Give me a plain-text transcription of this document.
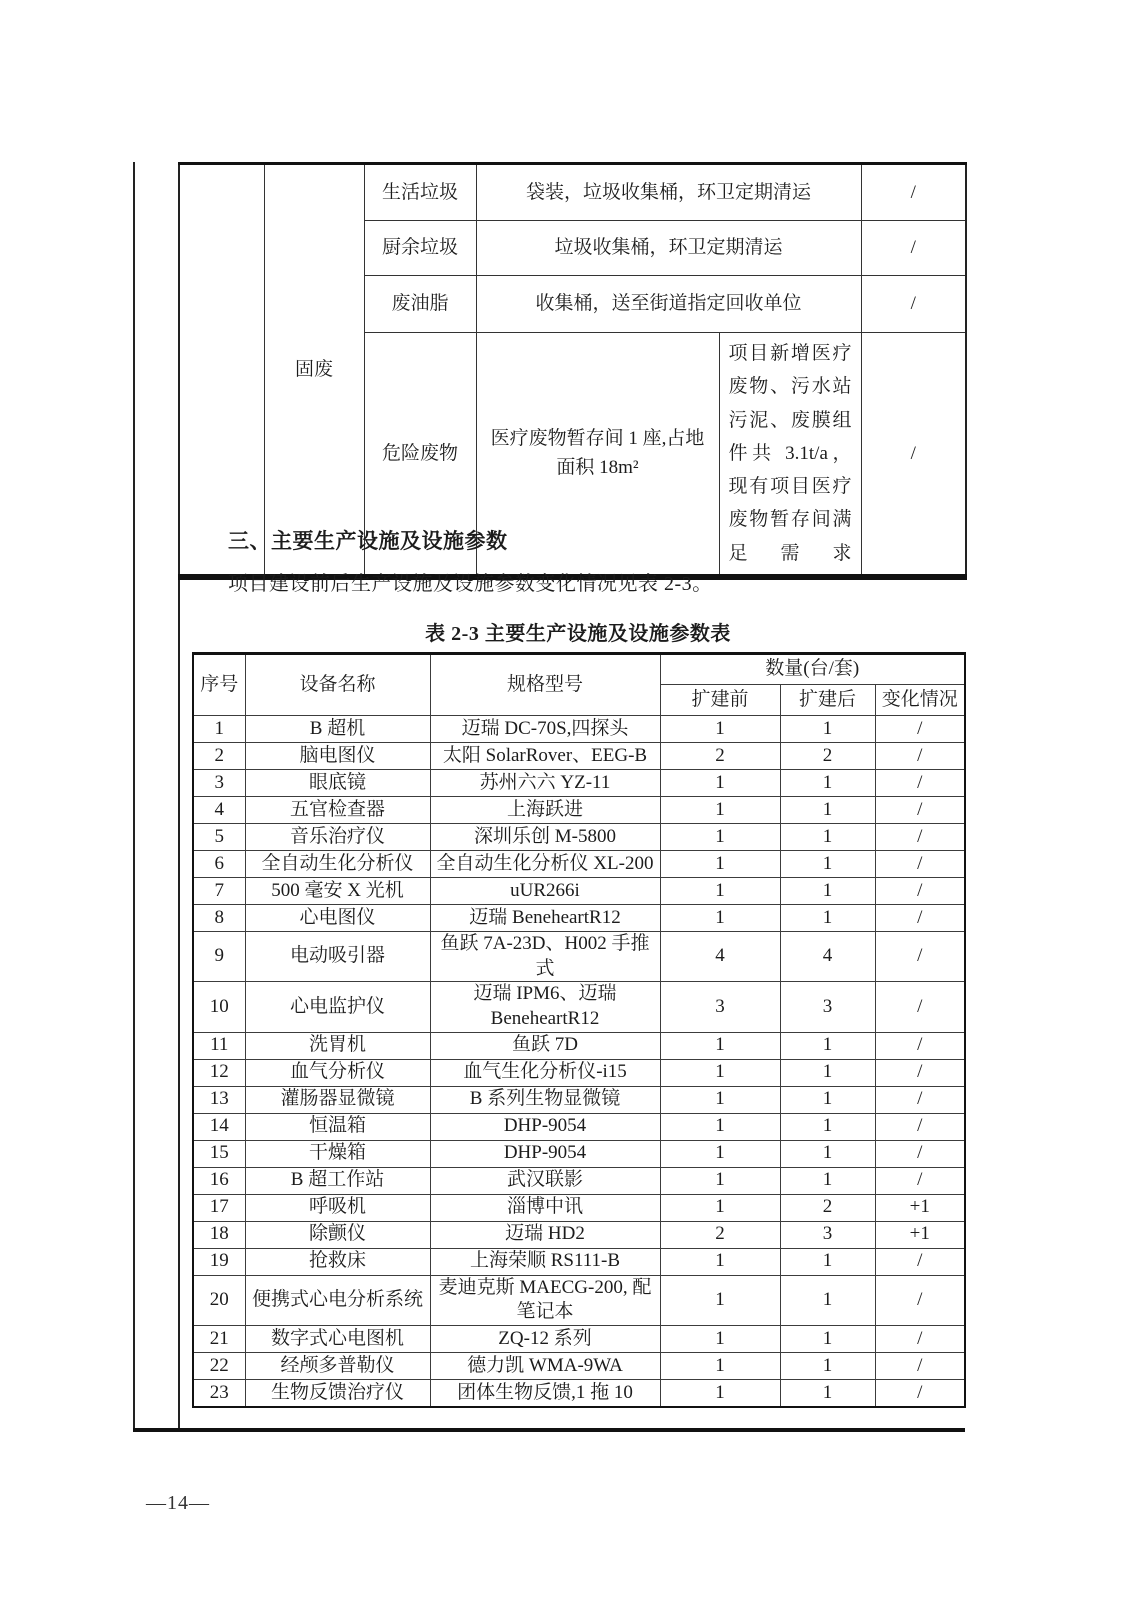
	固废	生活垃圾	袋装，垃圾收集桶，环卫定期清运		/
		厨余垃圾	垃圾收集桶，环卫定期清运		/
		废油脂	收集桶，送至街道指定回收单位		/
		危险废物	医疗废物暂存间 1 座,占地面积 18m²	项目新增医疗废物、污水站污泥、废膜组件共 3.1t/a，现有项目医疗废物暂存间满足需求	/
三、主要生产设施及设施参数
项目建设前后生产设施及设施参数变化情况见表 2-3。
表 2-3 主要生产设施及设施参数表
序号	设备名称	规格型号	数量(台/套)		
			扩建前	扩建后	变化情况
1	B 超机	迈瑞 DC-70S,四探头	1	1	/
2	脑电图仪	太阳 SolarRover、EEG-B	2	2	/
3	眼底镜	苏州六六 YZ-11	1	1	/
4	五官检查器	上海跃进	1	1	/
5	音乐治疗仪	深圳乐创 M-5800	1	1	/
6	全自动生化分析仪	全自动生化分析仪 XL-200	1	1	/
7	500 毫安 X 光机	uUR266i	1	1	/
8	心电图仪	迈瑞 BeneheartR12	1	1	/
9	电动吸引器	鱼跃 7A-23D、H002 手推式	4	4	/
10	心电监护仪	迈瑞 IPM6、迈瑞 BeneheartR12	3	3	/
11	洗胃机	鱼跃 7D	1	1	/
12	血气分析仪	血气生化分析仪-i15	1	1	/
13	灌肠器显微镜	B 系列生物显微镜	1	1	/
14	恒温箱	DHP-9054	1	1	/
15	干燥箱	DHP-9054	1	1	/
16	B 超工作站	武汉联影	1	1	/
17	呼吸机	淄博中讯	1	2	+1
18	除颤仪	迈瑞 HD2	2	3	+1
19	抢救床	上海荣顺 RS111-B	1	1	/
20	便携式心电分析系统	麦迪克斯 MAECG-200, 配笔记本	1	1	/
21	数字式心电图机	ZQ-12 系列	1	1	/
22	经颅多普勒仪	德力凯 WMA-9WA	1	1	/
23	生物反馈治疗仪	团体生物反馈,1 拖 10	1	1	/
—14—
